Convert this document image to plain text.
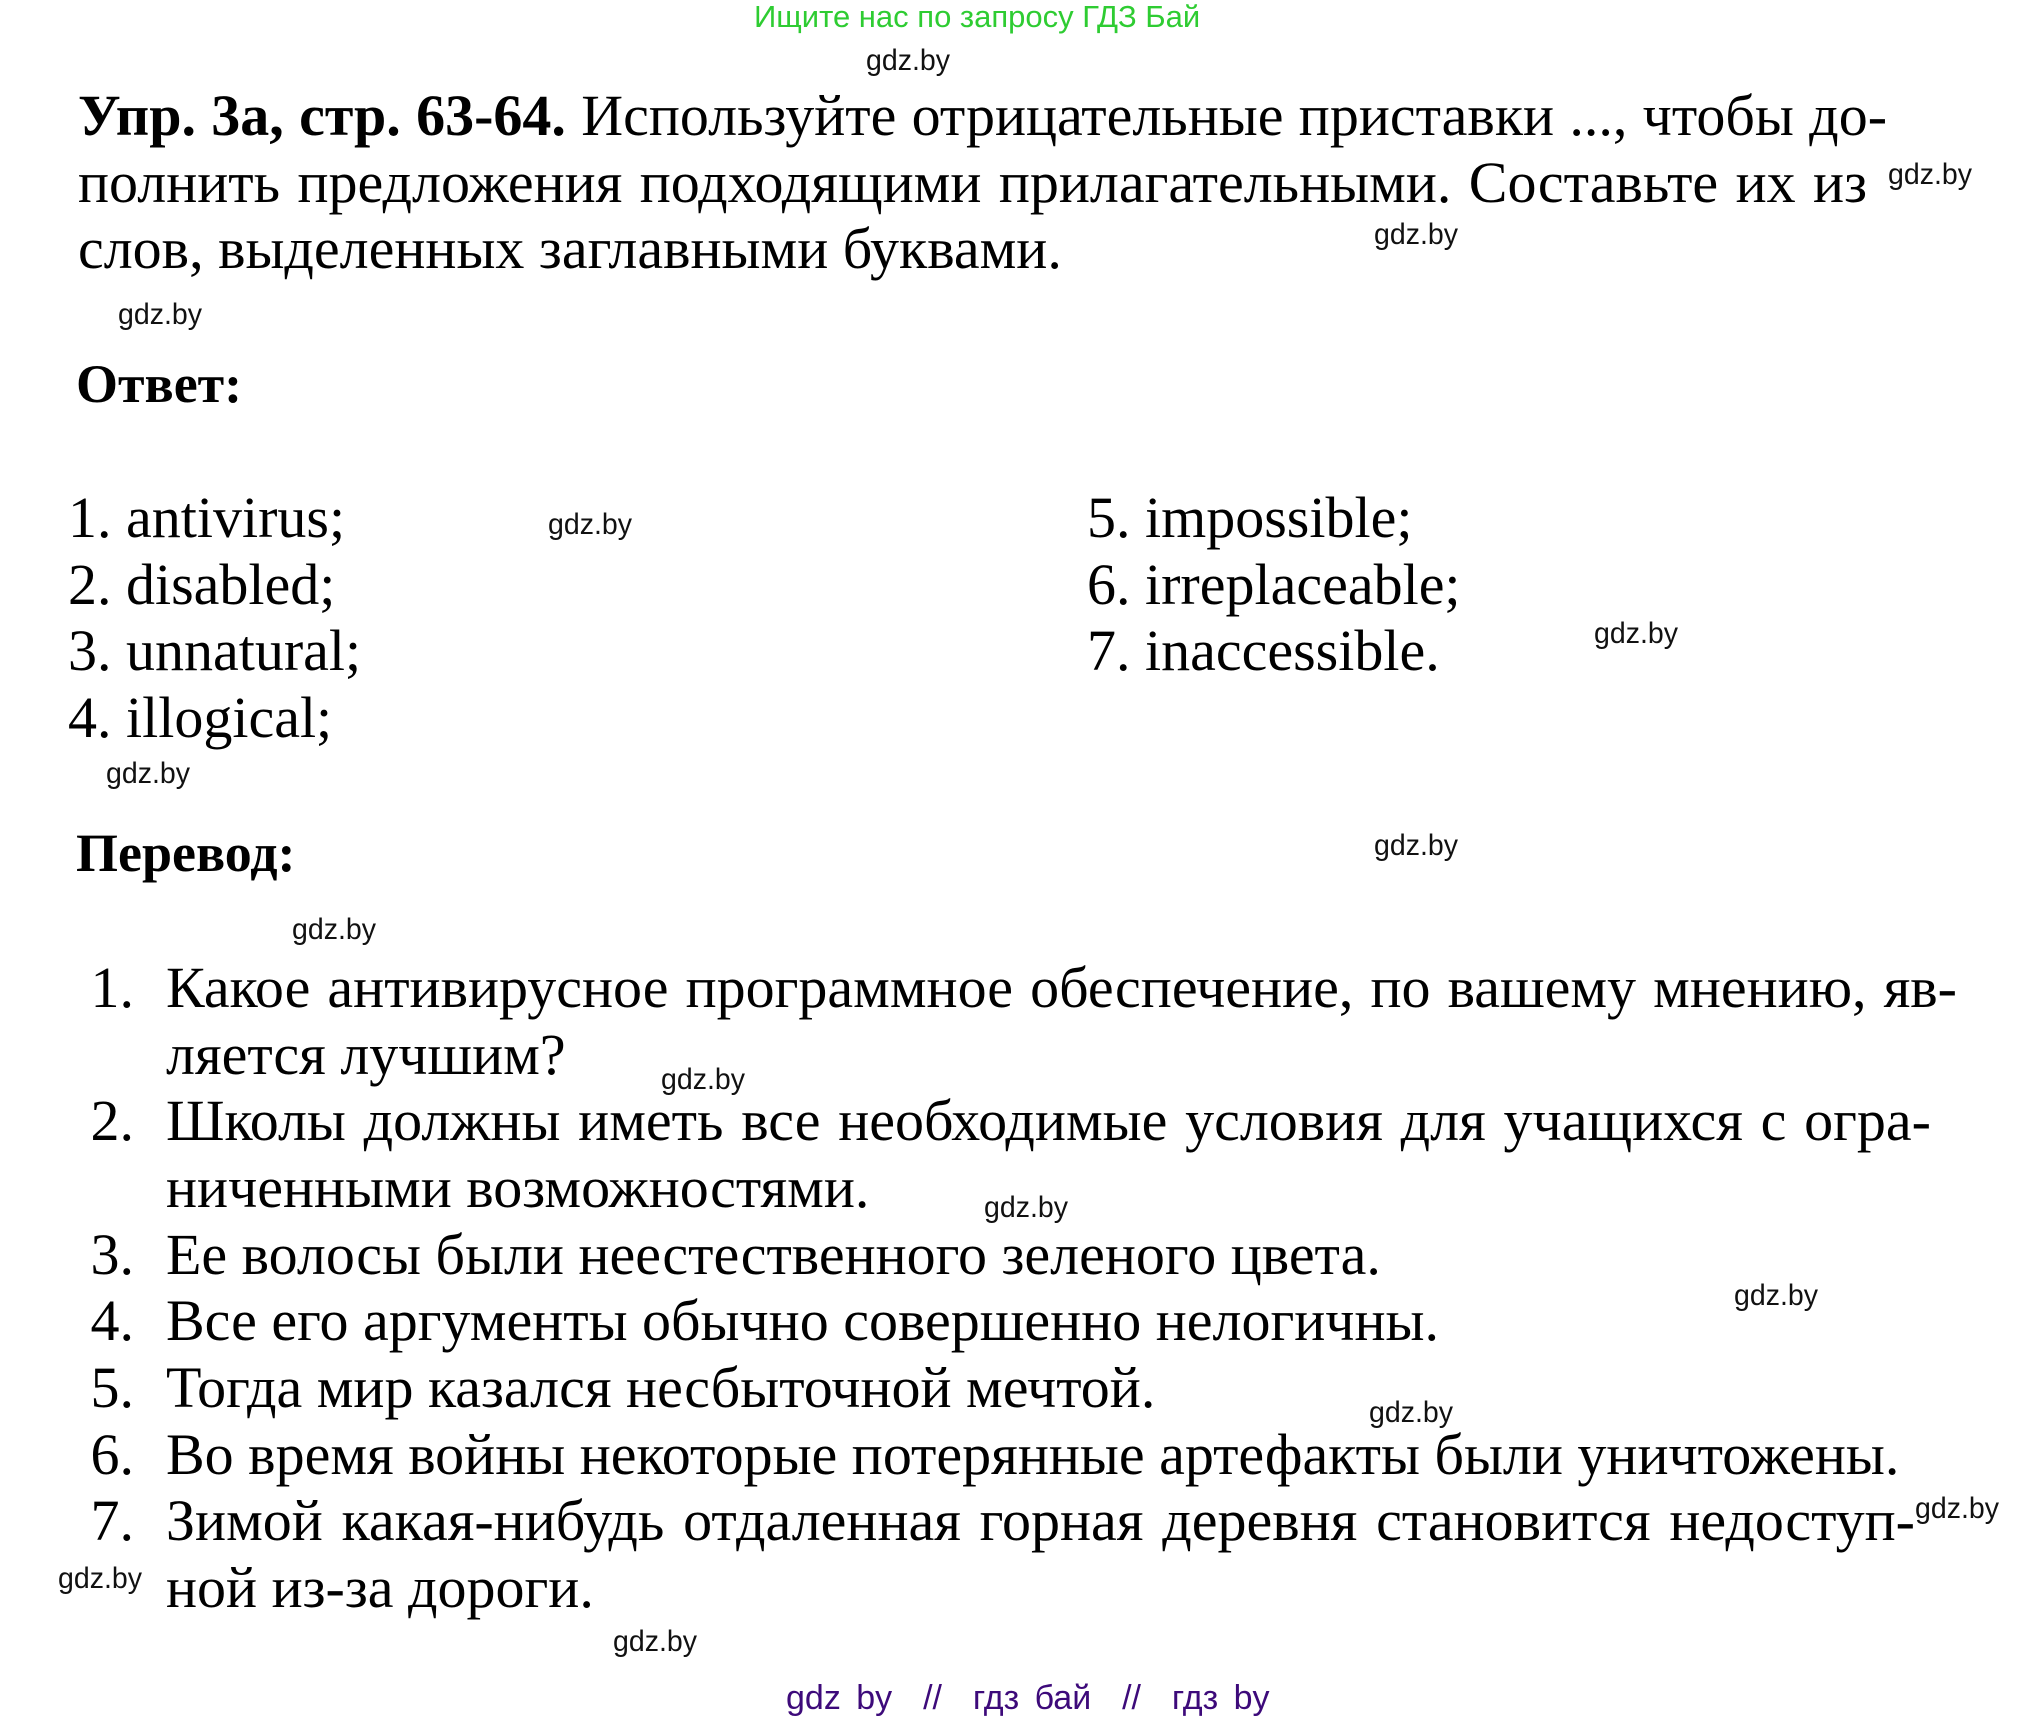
Ищите нас по запросу ГДЗ Бай
Упр. 3а, стр. 63-64. Используйте отрицательные приставки ..., чтобы до-
полнить предложения подходящими прилагательными. Составьте их из
слов, выделенных заглавными буквами.
Ответ:
1. antivirus;
2. disabled;
3. unnatural;
4. illogical;
5. impossible;
6. irreplaceable;
7. inaccessible.
Перевод:
1. Какое антивирусное программное обеспечение, по вашему мнению, яв-
ляется лучшим?
2. Школы должны иметь все необходимые условия для учащихся с огра-
ниченными возможностями.
3. Ее волосы были неестественного зеленого цвета.
4. Все его аргументы обычно совершенно нелогичны.
5. Тогда мир казался несбыточной мечтой.
6. Во время войны некоторые потерянные артефакты были уничтожены.
7. Зимой какая-нибудь отдаленная горная деревня становится недоступ-
ной из-за дороги.
gdz.by
gdz.by
gdz.by
gdz.by
gdz.by
gdz.by
gdz.by
gdz.by
gdz.by
gdz.by
gdz.by
gdz.by
gdz.by
gdz.by
gdz.by
gdz.by
gdz by  //  гдз бай  //  гдз by
